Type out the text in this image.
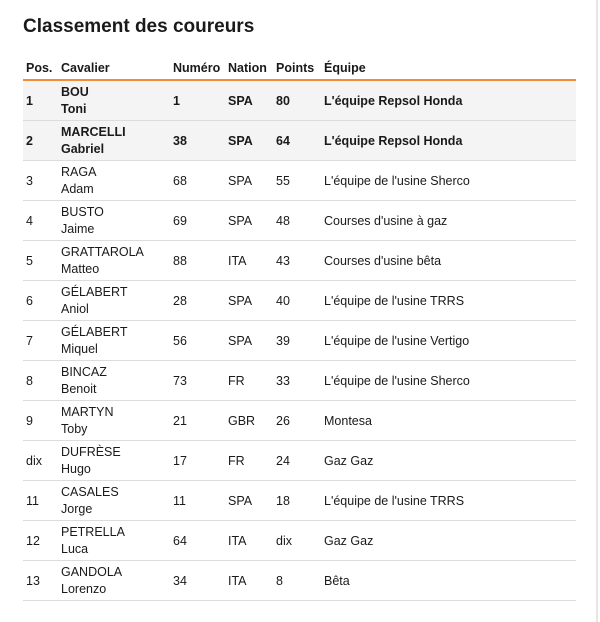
Classement des coureurs
Pos.	Cavalier	Numéro	Nation	Points	Équipe
1	BOU
Toni	1	SPA	80	L'équipe Repsol Honda
2	MARCELLI
Gabriel	38	SPA	64	L'équipe Repsol Honda
3	RAGA
Adam	68	SPA	55	L'équipe de l'usine Sherco
4	BUSTO
Jaime	69	SPA	48	Courses d'usine à gaz
5	GRATTAROLA
Matteo	88	ITA	43	Courses d'usine bêta
6	GÉLABERT
Aniol	28	SPA	40	L'équipe de l'usine TRRS
7	GÉLABERT
Miquel	56	SPA	39	L'équipe de l'usine Vertigo
8	BINCAZ
Benoit	73	FR	33	L'équipe de l'usine Sherco
9	MARTYN
Toby	21	GBR	26	Montesa
dix	DUFRÈSE
Hugo	17	FR	24	Gaz Gaz
11	CASALES
Jorge	11	SPA	18	L'équipe de l'usine TRRS
12	PETRELLA
Luca	64	ITA	dix	Gaz Gaz
13	GANDOLA
Lorenzo	34	ITA	8	Bêta
